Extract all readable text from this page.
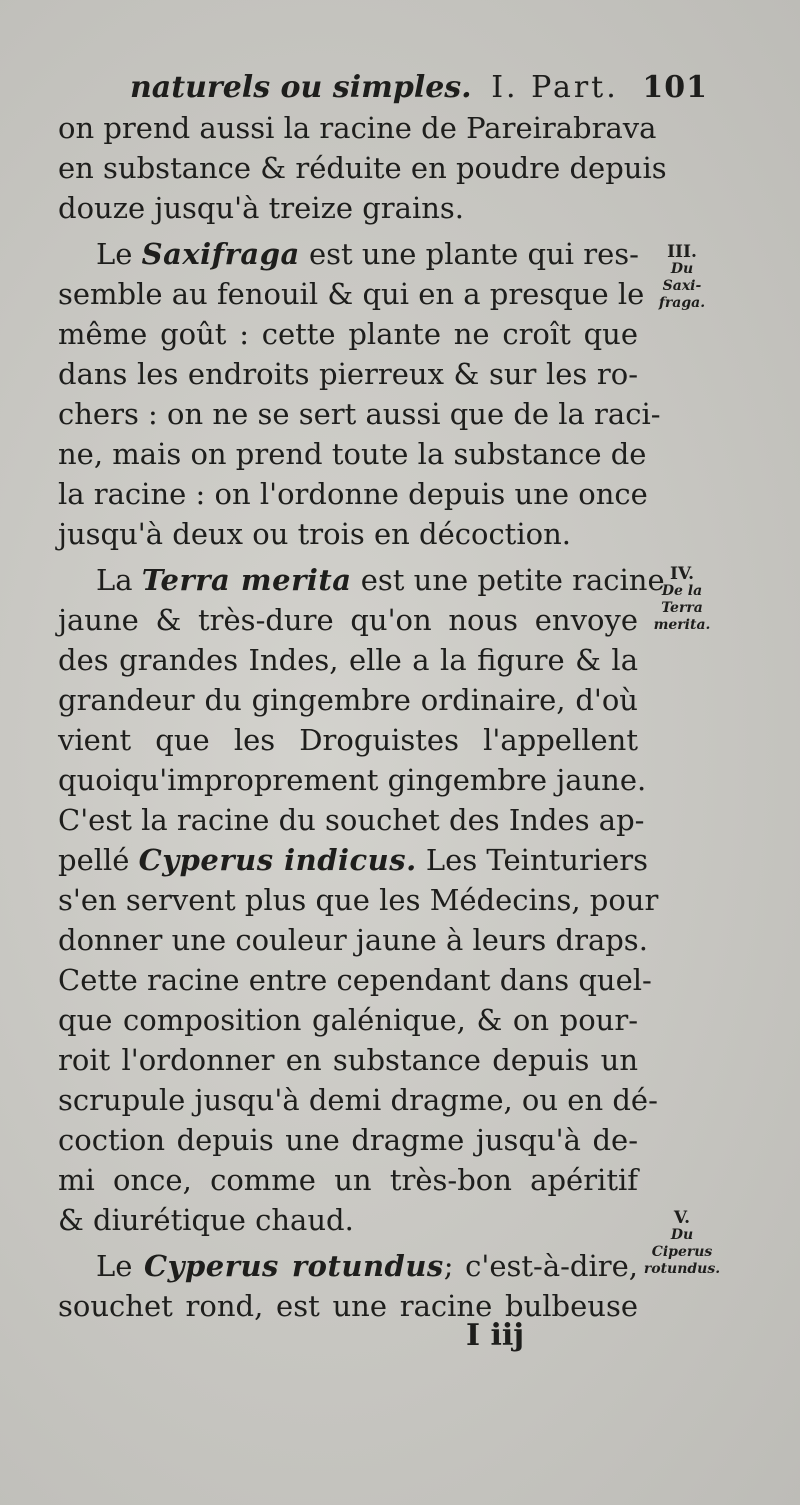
naturels ou simples. I. Part. 101
on prend aussi la racine de Pareirabrava
en substance & réduite en poudre depuis
douze jusqu'à treize grains.
Le Saxifraga est une plante qui res-
semble au fenouil & qui en a presque le
même goût : cette plante ne croît que
dans les endroits pierreux & sur les ro-
chers : on ne se sert aussi que de la raci-
ne, mais on prend toute la substance de
la racine : on l'ordonne depuis une once
jusqu'à deux ou trois en décoction.
La Terra merita est une petite racine
jaune & très-dure qu'on nous envoye
des grandes Indes, elle a la figure & la
grandeur du gingembre ordinaire, d'où
vient que les Droguistes l'appellent
quoiqu'improprement gingembre jaune.
C'est la racine du souchet des Indes ap-
pellé Cyperus indicus. Les Teinturiers
s'en servent plus que les Médecins, pour
donner une couleur jaune à leurs draps.
Cette racine entre cependant dans quel-
que composition galénique, & on pour-
roit l'ordonner en substance depuis un
scrupule jusqu'à demi dragme, ou en dé-
coction depuis une dragme jusqu'à de-
mi once, comme un très-bon apéritif
& diurétique chaud.
Le Cyperus rotundus; c'est-à-dire,
souchet rond, est une racine bulbeuse
III.
Du
Saxi-
fraga.
IV.
De la
Terra
merita.
V.
Du
Ciperus
rotundus.
I iij
